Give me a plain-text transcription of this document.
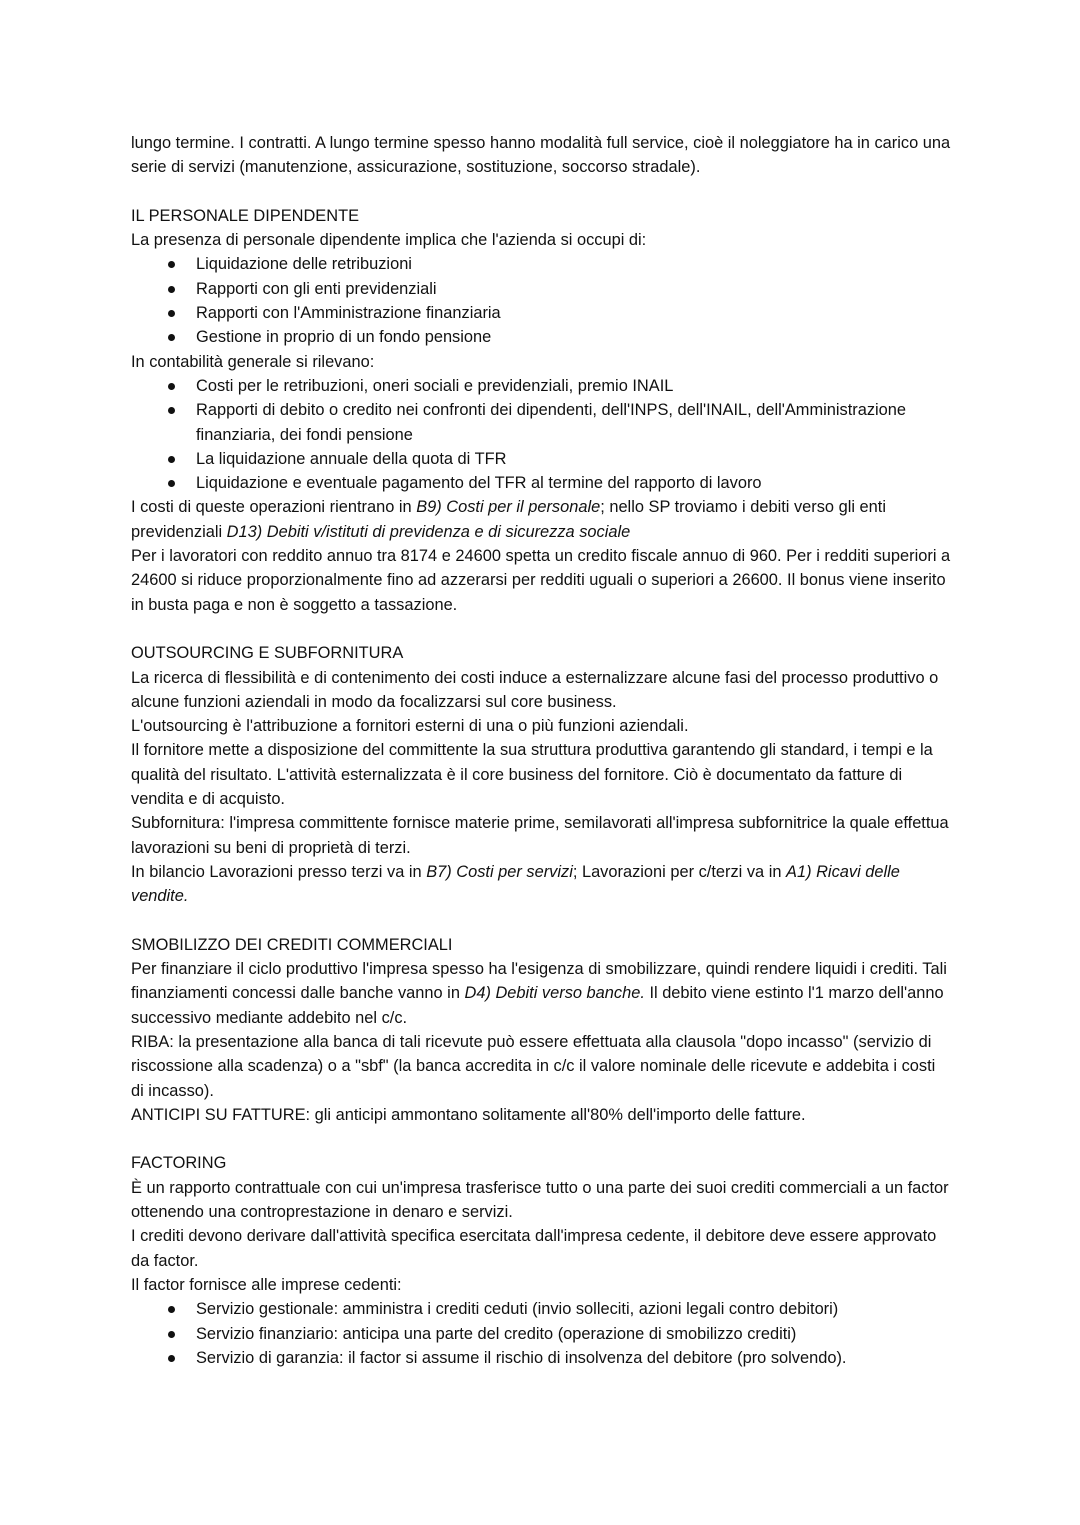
lungo termine. I contratti. A lungo termine spesso hanno modalità full service, cioè il noleggiatore ha in carico una serie di servizi (manutenzione, assicurazione, sostituzione, soccorso stradale).

IL PERSONALE DIPENDENTE

La presenza di personale dipendente implica che l'azienda si occupi di:

Liquidazione delle retribuzioni
Rapporti con gli enti previdenziali
Rapporti con l'Amministrazione finanziaria
Gestione in proprio di un fondo pensione

In contabilità generale si rilevano:

Costi per le retribuzioni, oneri sociali e previdenziali, premio INAIL
Rapporti di debito o credito nei confronti dei dipendenti, dell'INPS, dell'INAIL, dell'Amministrazione finanziaria, dei fondi pensione
La liquidazione annuale della quota di TFR
Liquidazione e eventuale pagamento del TFR al termine del rapporto di lavoro

I costi di queste operazioni rientrano in B9) Costi per il personale; nello SP troviamo i debiti verso gli enti previdenziali D13) Debiti v/istituti di previdenza e di sicurezza sociale

Per i lavoratori con reddito annuo tra 8174 e 24600 spetta un credito fiscale annuo di 960. Per i redditi superiori a 24600 si riduce proporzionalmente fino ad azzerarsi per redditi uguali o superiori a 26600. Il bonus viene inserito in busta paga e non è soggetto a tassazione.

OUTSOURCING E SUBFORNITURA

La ricerca di flessibilità e di contenimento dei costi induce a esternalizzare alcune fasi del processo produttivo o alcune funzioni aziendali in modo da focalizzarsi sul core business.

L'outsourcing è l'attribuzione a fornitori esterni di una o più funzioni aziendali.

Il fornitore mette a disposizione del committente la sua struttura produttiva garantendo gli standard, i tempi e la qualità del risultato. L'attività esternalizzata è il core business del fornitore. Ciò è documentato da fatture di vendita e di acquisto.

Subfornitura: l'impresa committente fornisce materie prime, semilavorati all'impresa subfornitrice la quale effettua lavorazioni su beni di proprietà di terzi.

In bilancio Lavorazioni presso terzi va in B7) Costi per servizi; Lavorazioni per c/terzi va in A1) Ricavi delle vendite.

SMOBILIZZO DEI CREDITI COMMERCIALI

Per finanziare il ciclo produttivo l'impresa spesso ha l'esigenza di smobilizzare, quindi rendere liquidi i crediti. Tali finanziamenti concessi dalle banche vanno in D4) Debiti verso banche. Il debito viene estinto l'1 marzo dell'anno successivo mediante addebito nel c/c.

RIBA: la presentazione alla banca di tali ricevute può essere effettuata alla clausola "dopo incasso" (servizio di riscossione alla scadenza) o a "sbf" (la banca accredita in c/c il valore nominale delle ricevute e addebita i costi di incasso).

ANTICIPI SU FATTURE: gli anticipi ammontano solitamente all'80% dell'importo delle fatture.

FACTORING

È un rapporto contrattuale con cui un'impresa trasferisce tutto o una parte dei suoi crediti commerciali a un factor ottenendo una controprestazione in denaro e servizi.

I crediti devono derivare dall'attività specifica esercitata dall'impresa cedente, il debitore deve essere approvato da factor.

Il factor fornisce alle imprese cedenti:

Servizio gestionale: amministra i crediti ceduti (invio solleciti, azioni legali contro debitori)
Servizio finanziario: anticipa una parte del credito (operazione di smobilizzo crediti)
Servizio di garanzia: il factor si assume il rischio di insolvenza del debitore (pro solvendo).
